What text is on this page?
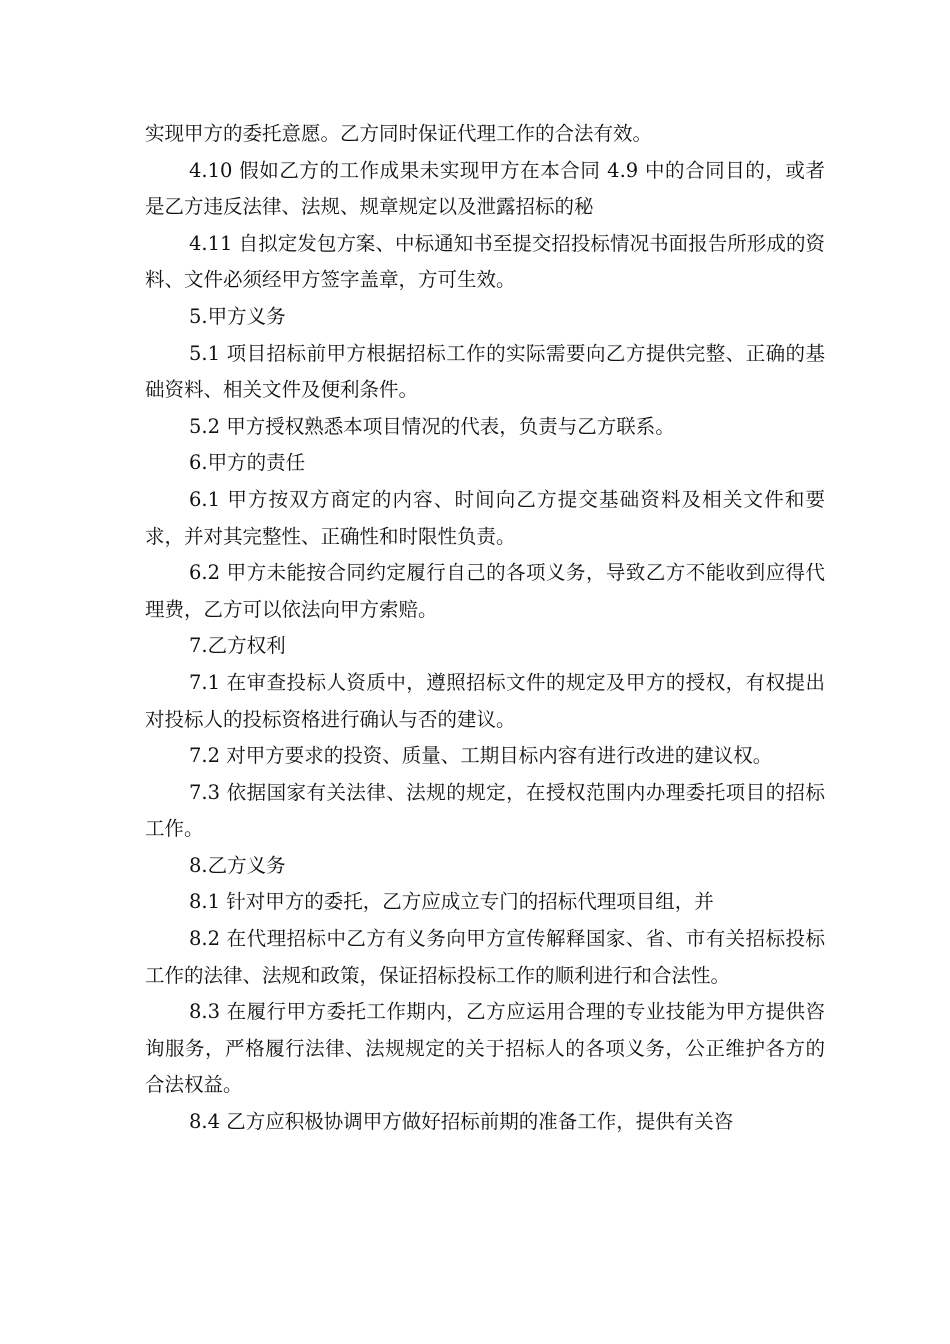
实现甲方的委托意愿。乙方同时保证代理工作的合法有效。

4.10 假如乙方的工作成果未实现甲方在本合同 4.9 中的合同目的，或者是乙方违反法律、法规、规章规定以及泄露招标的秘

4.11 自拟定发包方案、中标通知书至提交招投标情况书面报告所形成的资料、文件必须经甲方签字盖章，方可生效。

5.甲方义务

5.1 项目招标前甲方根据招标工作的实际需要向乙方提供完整、正确的基础资料、相关文件及便利条件。

5.2 甲方授权熟悉本项目情况的代表，负责与乙方联系。

6.甲方的责任

6.1 甲方按双方商定的内容、时间向乙方提交基础资料及相关文件和要求，并对其完整性、正确性和时限性负责。

6.2 甲方未能按合同约定履行自己的各项义务，导致乙方不能收到应得代理费，乙方可以依法向甲方索赔。

7.乙方权利

7.1 在审查投标人资质中，遵照招标文件的规定及甲方的授权，有权提出对投标人的投标资格进行确认与否的建议。

7.2 对甲方要求的投资、质量、工期目标内容有进行改进的建议权。

7.3 依据国家有关法律、法规的规定，在授权范围内办理委托项目的招标工作。

8.乙方义务

8.1 针对甲方的委托，乙方应成立专门的招标代理项目组，并

8.2 在代理招标中乙方有义务向甲方宣传解释国家、省、市有关招标投标工作的法律、法规和政策，保证招标投标工作的顺利进行和合法性。

8.3 在履行甲方委托工作期内，乙方应运用合理的专业技能为甲方提供咨询服务，严格履行法律、法规规定的关于招标人的各项义务，公正维护各方的合法权益。

8.4 乙方应积极协调甲方做好招标前期的准备工作，提供有关咨
